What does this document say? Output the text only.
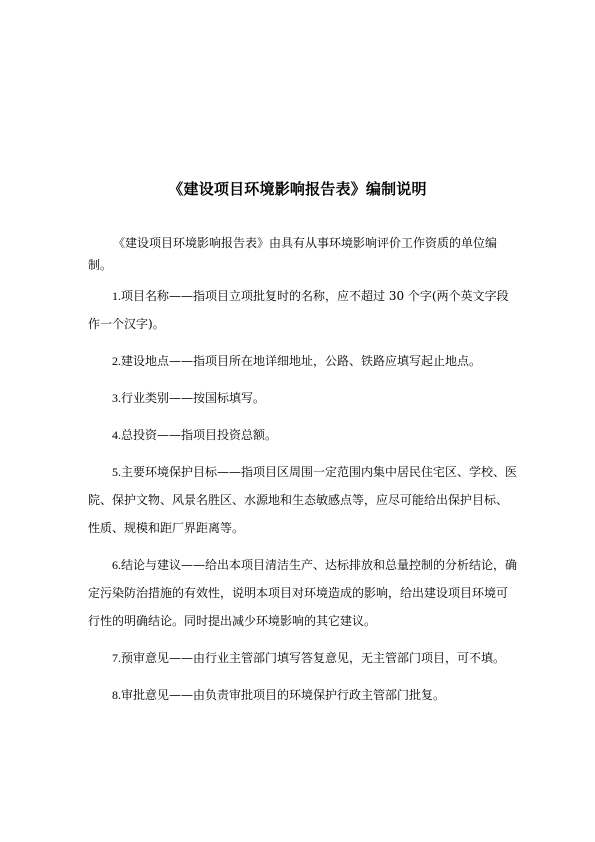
《建设项目环境影响报告表》编制说明

《建设项目环境影响报告表》由具有从事环境影响评价工作资质的单位编制。

1.项目名称——指项目立项批复时的名称，应不超过 30 个字(两个英文字段
作一个汉字)。
2.建设地点——指项目所在地详细地址，公路、铁路应填写起止地点。
3.行业类别——按国标填写。
4.总投资——指项目投资总额。
5.主要环境保护目标——指项目区周围一定范围内集中居民住宅区、学校、医
院、保护文物、风景名胜区、水源地和生态敏感点等，应尽可能给出保护目标、性质、规模和距厂界距离等。
6.结论与建议——给出本项目清洁生产、达标排放和总量控制的分析结论，确
定污染防治措施的有效性，说明本项目对环境造成的影响，给出建设项目环境可行性的明确结论。同时提出减少环境影响的其它建议。
7.预审意见——由行业主管部门填写答复意见，无主管部门项目，可不填。
8.审批意见——由负责审批项目的环境保护行政主管部门批复。
